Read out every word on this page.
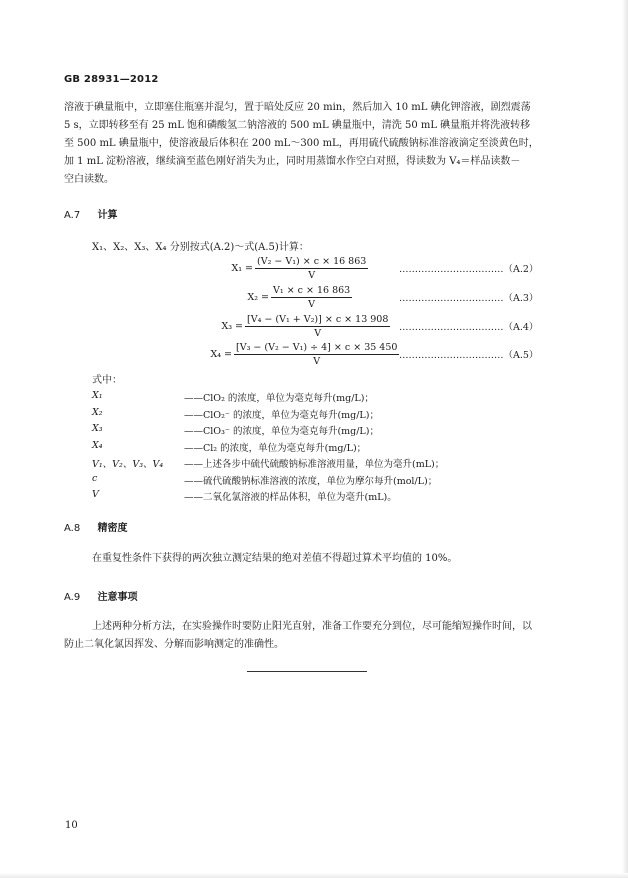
GB 28931—2012
溶液于碘量瓶中，立即塞住瓶塞并混匀，置于暗处反应 20 min，然后加入 10 mL 碘化钾溶液，剧烈震荡
5 s，立即转移至有 25 mL 饱和磷酸氢二钠溶液的 500 mL 碘量瓶中，清洗 50 mL 碘量瓶并将洗液转移
至 500 mL 碘量瓶中，使溶液最后体积在 200 mL～300 mL，再用硫代硫酸钠标准溶液滴定至淡黄色时，
加 1 mL 淀粉溶液，继续滴至蓝色刚好消失为止，同时用蒸馏水作空白对照，得读数为 V₄＝样品读数－
空白读数。
A.7 计算
X₁、X₂、X₃、X₄ 分别按式(A.2)～式(A.5)计算：
$X_1 = \frac{\text{(V₂ − V₁) × c × 16 863}}{V}$	……………………………（A.2）
$X_2 = \frac{\text{V₁ × c × 16 863}}{V}$	……………………………（A.3）
$X_3 = \frac{\text{[V₄ − (V₁ + V₂)] × c × 13 908}}{V}$ ……………………………（A.4）
$X_4 = \frac{\text{[V₃ − (V₂ − V₁) ÷ 4] × c × 35 450}}{V}$ ……………………………（A.5）
式中：
X₁	——ClO₂ 的浓度，单位为毫克每升(mg/L)；
X₂	——ClO₂⁻ 的浓度，单位为毫克每升(mg/L)；
X₃	——ClO₃⁻ 的浓度，单位为毫克每升(mg/L)；
X₄	——Cl₂ 的浓度，单位为毫克每升(mg/L)；
V₁、V₂、V₃、V₄ ——上述各步中硫代硫酸钠标准溶液用量，单位为毫升(mL)；
c	——硫代硫酸钠标准溶液的浓度，单位为摩尔每升(mol/L)；
V	——二氧化氯溶液的样品体积，单位为毫升(mL)。
A.8 精密度
在重复性条件下获得的两次独立测定结果的绝对差值不得超过算术平均值的 10%。
A.9 注意事项
上述两种分析方法，在实验操作时要防止阳光直射，准备工作要充分到位，尽可能缩短操作时间，以
防止二氧化氯因挥发、分解而影响测定的准确性。
10
